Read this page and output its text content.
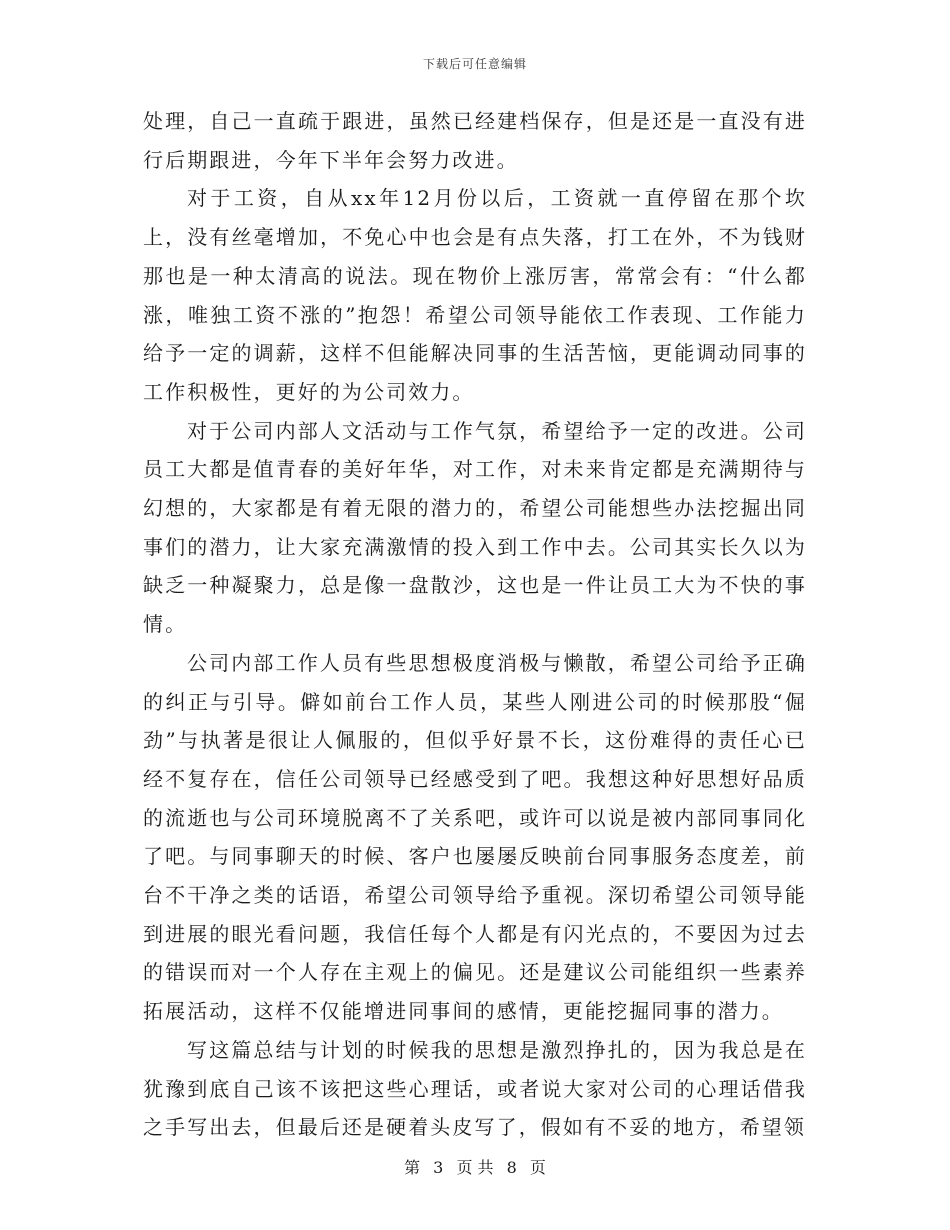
下载后可任意编辑

处理，自己一直疏于跟进，虽然已经建档保存，但是还是一直没有进行后期跟进，今年下半年会努力改进。

对于工资，自从xx年12月份以后，工资就一直停留在那个坎上，没有丝毫增加，不免心中也会是有点失落，打工在外，不为钱财那也是一种太清高的说法。现在物价上涨厉害，常常会有：“什么都涨，唯独工资不涨的”抱怨！希望公司领导能依工作表现、工作能力给予一定的调薪，这样不但能解决同事的生活苦恼，更能调动同事的工作积极性，更好的为公司效力。

对于公司内部人文活动与工作气氛，希望给予一定的改进。公司员工大都是值青春的美好年华，对工作，对未来肯定都是充满期待与幻想的，大家都是有着无限的潜力的，希望公司能想些办法挖掘出同事们的潜力，让大家充满激情的投入到工作中去。公司其实长久以为缺乏一种凝聚力，总是像一盘散沙，这也是一件让员工大为不快的事情。

公司内部工作人员有些思想极度消极与懒散，希望公司给予正确的纠正与引导。僻如前台工作人员，某些人刚进公司的时候那股“倔劲”与执著是很让人佩服的，但似乎好景不长，这份难得的责任心已经不复存在，信任公司领导已经感受到了吧。我想这种好思想好品质的流逝也与公司环境脱离不了关系吧，或许可以说是被内部同事同化了吧。与同事聊天的时候、客户也屡屡反映前台同事服务态度差，前台不干净之类的话语，希望公司领导给予重视。深切希望公司领导能到进展的眼光看问题，我信任每个人都是有闪光点的，不要因为过去的错误而对一个人存在主观上的偏见。还是建议公司能组织一些素养拓展活动，这样不仅能增进同事间的感情，更能挖掘同事的潜力。

写这篇总结与计划的时候我的思想是激烈挣扎的，因为我总是在犹豫到底自己该不该把这些心理话，或者说大家对公司的心理话借我之手写出去，但最后还是硬着头皮写了，假如有不妥的地方，希望领

第 3 页 共 8 页
